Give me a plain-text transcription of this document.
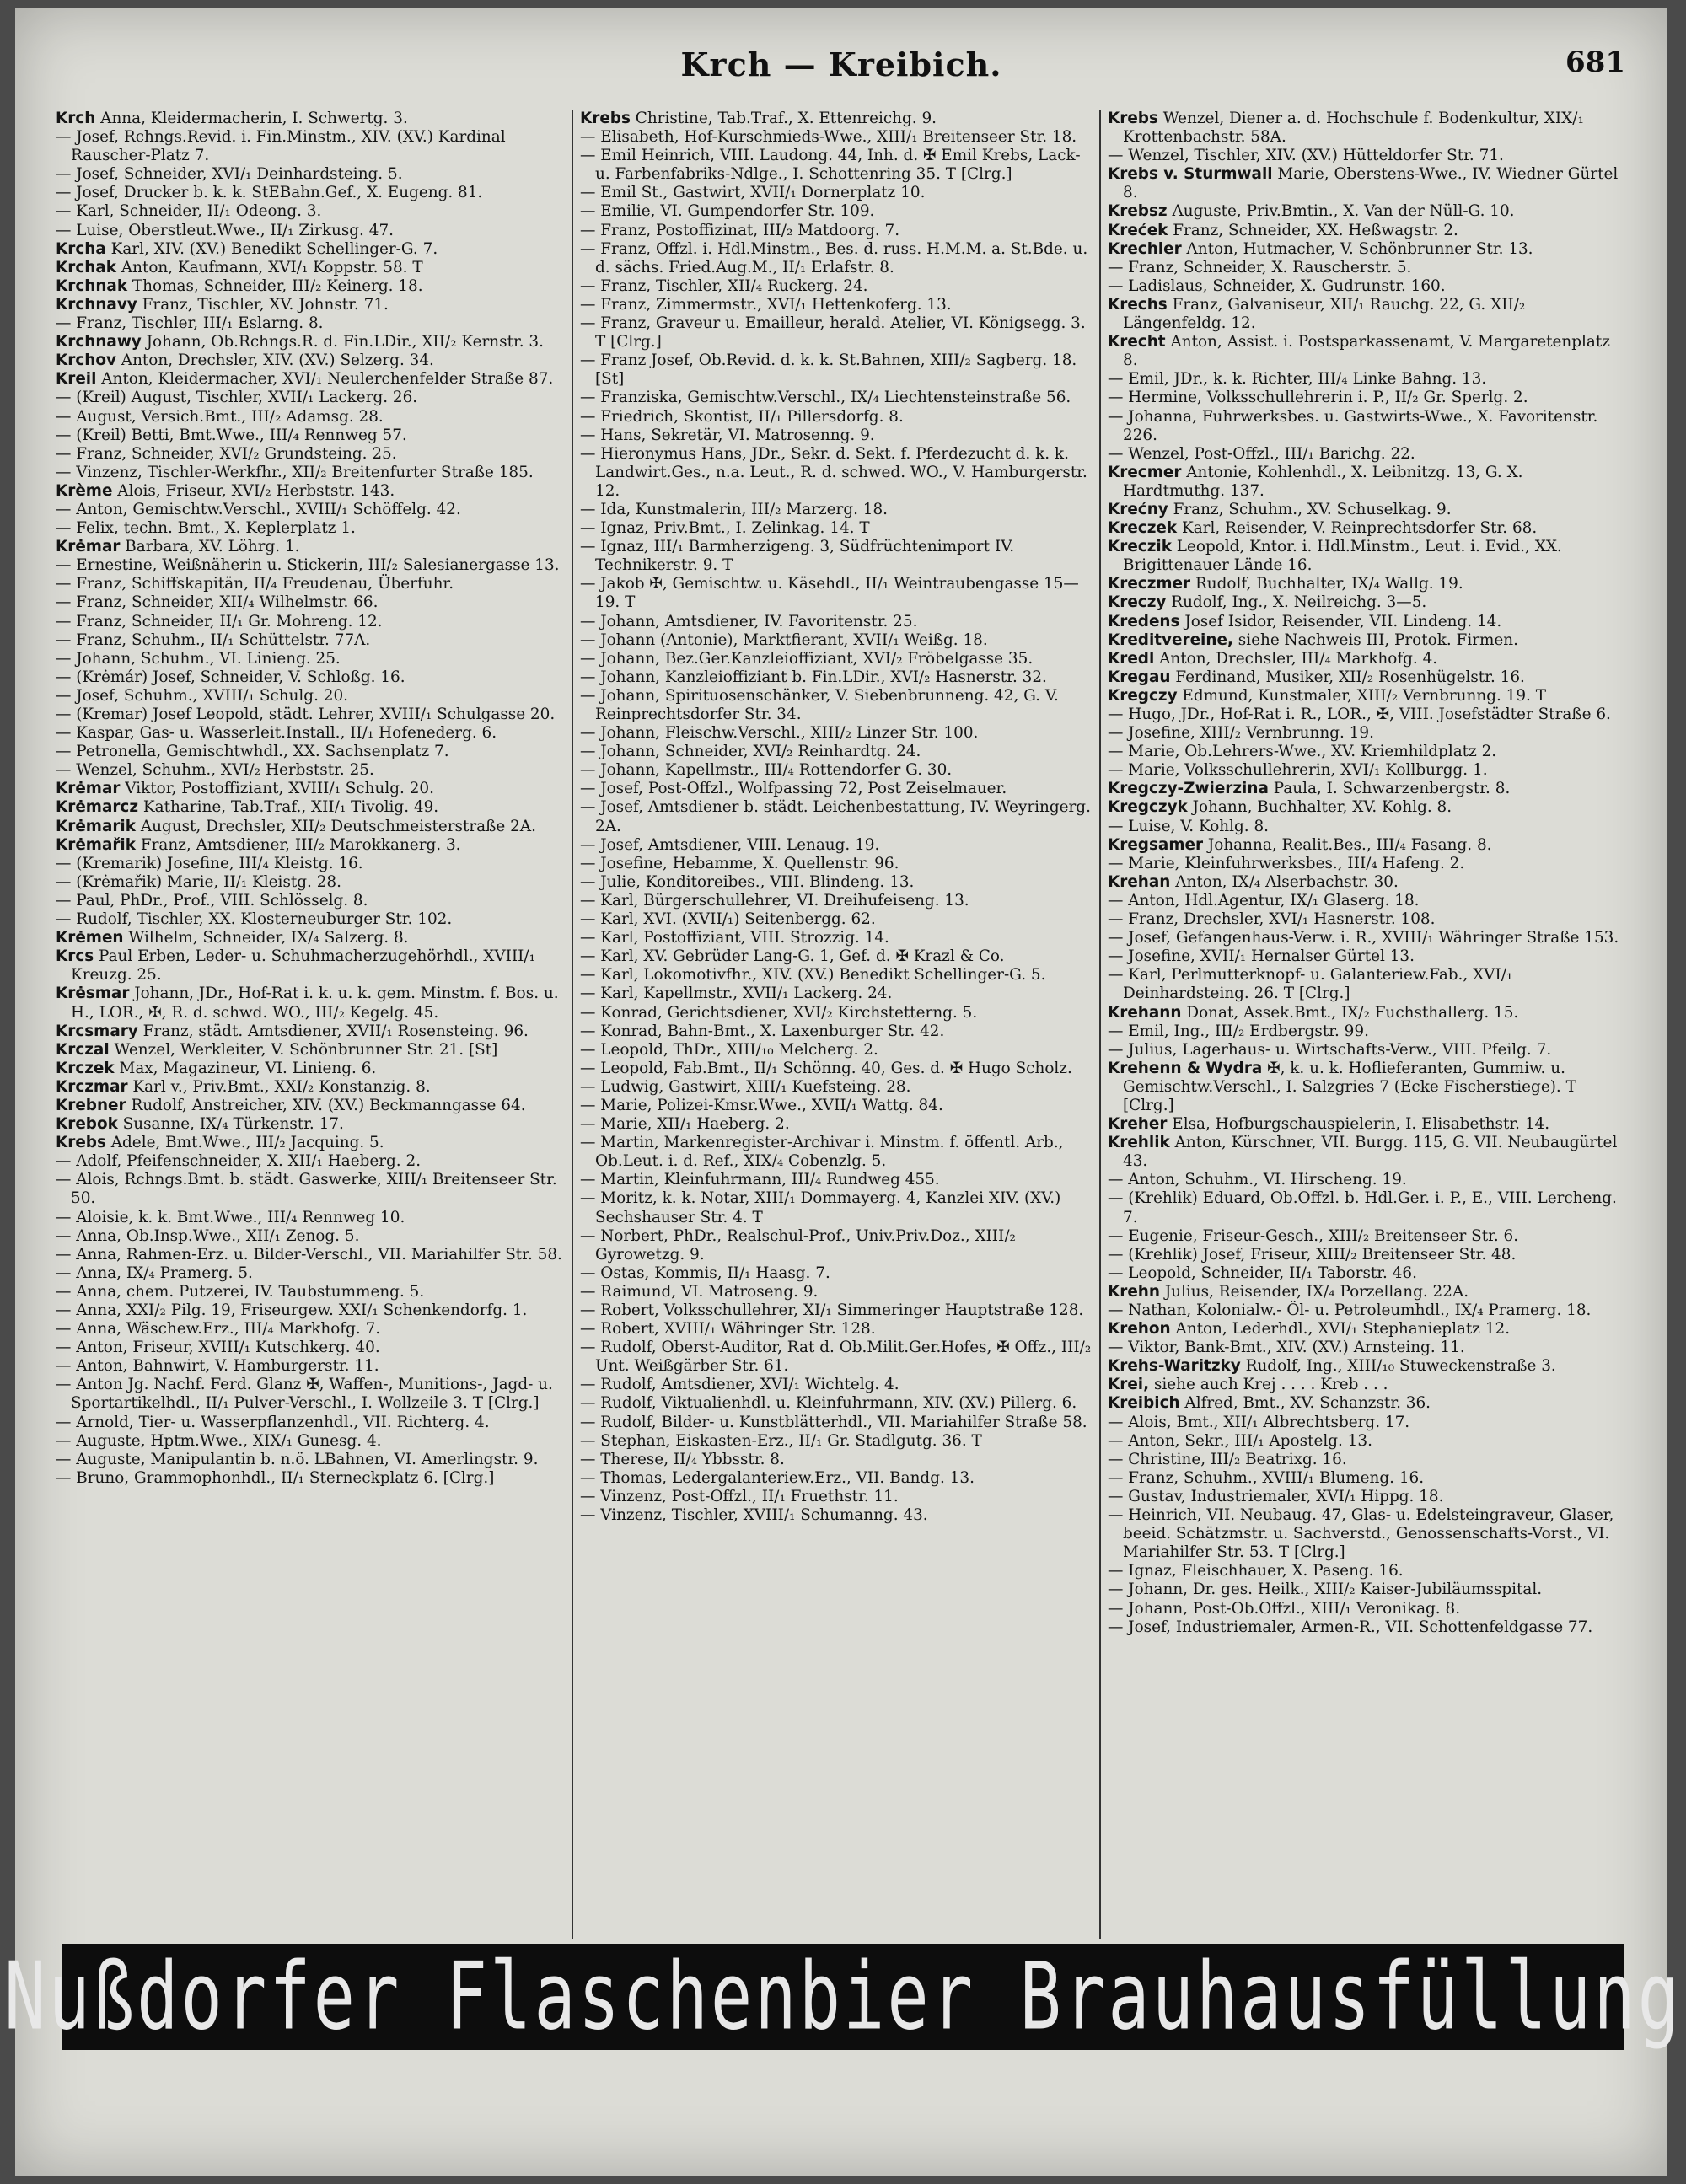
Krch — Kreibich.	681

Krch Anna, Kleidermacherin, I. Schwertg. 3.

— Josef, Rchngs.Revid. i. Fin.Minstm., XIV. (XV.) Kardinal Rauscher-Platz 7.

— Josef, Schneider, XVI/₁ Deinhardsteing. 5.

— Josef, Drucker b. k. k. StEBahn.Gef., X. Eugeng. 81.

— Karl, Schneider, II/₁ Odeong. 3.

— Luise, Oberstleut.Wwe., II/₁ Zirkusg. 47.

Krcha Karl, XIV. (XV.) Benedikt Schellinger-G. 7.

Krchak Anton, Kaufmann, XVI/₁ Koppstr. 58. T

Krchnak Thomas, Schneider, III/₂ Keinerg. 18.

Krchnavy Franz, Tischler, XV. Johnstr. 71.

— Franz, Tischler, III/₁ Eslarng. 8.

Krchnawy Johann, Ob.Rchngs.R. d. Fin.LDir., XII/₂ Kernstr. 3.

Krchov Anton, Drechsler, XIV. (XV.) Selzerg. 34.

Kreil Anton, Kleidermacher, XVI/₁ Neulerchenfelder Straße 87.

— (Kreil) August, Tischler, XVII/₁ Lackerg. 26.

— August, Versich.Bmt., III/₂ Adamsg. 28.

— (Kreil) Betti, Bmt.Wwe., III/₄ Rennweg 57.

— Franz, Schneider, XVI/₂ Grundsteing. 25.

— Vinzenz, Tischler-Werkfhr., XII/₂ Breitenfurter Straße 185.

Krème Alois, Friseur, XVI/₂ Herbststr. 143.

— Anton, Gemischtw.Verschl., XVIII/₁ Schöffelg. 42.

— Felix, techn. Bmt., X. Keplerplatz 1.

Krėmar Barbara, XV. Löhrg. 1.

— Ernestine, Weißnäherin u. Stickerin, III/₂ Salesianergasse 13.

— Franz, Schiffskapitän, II/₄ Freudenau, Überfuhr.

— Franz, Schneider, XII/₄ Wilhelmstr. 66.

— Franz, Schneider, II/₁ Gr. Mohreng. 12.

— Franz, Schuhm., II/₁ Schüttelstr. 77A.

— Johann, Schuhm., VI. Linieng. 25.

— (Krėmár) Josef, Schneider, V. Schloßg. 16.

— Josef, Schuhm., XVIII/₁ Schulg. 20.

— (Kremar) Josef Leopold, städt. Lehrer, XVIII/₁ Schulgasse 20.

— Kaspar, Gas- u. Wasserleit.Install., II/₁ Hofenederg. 6.

— Petronella, Gemischtwhdl., XX. Sachsenplatz 7.

— Wenzel, Schuhm., XVI/₂ Herbststr. 25.

Krėmar Viktor, Postoffiziant, XVIII/₁ Schulg. 20.

Krėmarcz Katharine, Tab.Traf., XII/₁ Tivolig. 49.

Krėmarik August, Drechsler, XII/₂ Deutschmeisterstraße 2A.

Krėmařik Franz, Amtsdiener, III/₂ Marokkanerg. 3.

— (Kremarik) Josefine, III/₄ Kleistg. 16.

— (Krėmařik) Marie, II/₁ Kleistg. 28.

— Paul, PhDr., Prof., VIII. Schlösselg. 8.

— Rudolf, Tischler, XX. Klosterneuburger Str. 102.

Krėmen Wilhelm, Schneider, IX/₄ Salzerg. 8.

Krcs Paul Erben, Leder- u. Schuhmacherzugehörhdl., XVIII/₁ Kreuzg. 25.

Krėsmar Johann, JDr., Hof-Rat i. k. u. k. gem. Minstm. f. Bos. u. H., LOR., ✠, R. d. schwd. WO., III/₂ Kegelg. 45.

Krcsmary Franz, städt. Amtsdiener, XVII/₁ Rosensteing. 96.

Krczal Wenzel, Werkleiter, V. Schönbrunner Str. 21. [St]

Krczek Max, Magazineur, VI. Linieng. 6.

Krczmar Karl v., Priv.Bmt., XXI/₂ Konstanzig. 8.

Krebner Rudolf, Anstreicher, XIV. (XV.) Beckmanngasse 64.

Krebok Susanne, IX/₄ Türkenstr. 17.

Krebs Adele, Bmt.Wwe., III/₂ Jacquing. 5.

— Adolf, Pfeifenschneider, X. XII/₁ Haeberg. 2.

— Alois, Rchngs.Bmt. b. städt. Gaswerke, XIII/₁ Breitenseer Str. 50.

— Aloisie, k. k. Bmt.Wwe., III/₄ Rennweg 10.

— Anna, Ob.Insp.Wwe., XII/₁ Zenog. 5.

— Anna, Rahmen-Erz. u. Bilder-Verschl., VII. Mariahilfer Str. 58.

— Anna, IX/₄ Pramerg. 5.

— Anna, chem. Putzerei, IV. Taubstummeng. 5.

— Anna, XXI/₂ Pilg. 19, Friseurgew. XXI/₁ Schenkendorfg. 1.

— Anna, Wäschew.Erz., III/₄ Markhofg. 7.

— Anton, Friseur, XVIII/₁ Kutschkerg. 40.

— Anton, Bahnwirt, V. Hamburgerstr. 11.

— Anton Jg. Nachf. Ferd. Glanz ✠, Waffen-, Munitions-, Jagd- u. Sportartikelhdl., II/₁ Pulver-Verschl., I. Wollzeile 3. T [Clrg.]

— Arnold, Tier- u. Wasserpflanzenhdl., VII. Richterg. 4.

— Auguste, Hptm.Wwe., XIX/₁ Gunesg. 4.

— Auguste, Manipulantin b. n.ö. LBahnen, VI. Amerlingstr. 9.

— Bruno, Grammophonhdl., II/₁ Sterneckplatz 6. [Clrg.]

Krebs Christine, Tab.Traf., X. Ettenreichg. 9.

— Elisabeth, Hof-Kurschmieds-Wwe., XIII/₁ Breitenseer Str. 18.

— Emil Heinrich, VIII. Laudong. 44, Inh. d. ✠ Emil Krebs, Lack- u. Farbenfabriks-Ndlge., I. Schottenring 35. T [Clrg.]

— Emil St., Gastwirt, XVII/₁ Dornerplatz 10.

— Emilie, VI. Gumpendorfer Str. 109.

— Franz, Postoffizinat, III/₂ Matdoorg. 7.

— Franz, Offzl. i. Hdl.Minstm., Bes. d. russ. H.M.M. a. St.Bde. u. d. sächs. Fried.Aug.M., II/₁ Erlafstr. 8.

— Franz, Tischler, XII/₄ Ruckerg. 24.

— Franz, Zimmermstr., XVI/₁ Hettenkoferg. 13.

— Franz, Graveur u. Emailleur, herald. Atelier, VI. Königsegg. 3. T [Clrg.]

— Franz Josef, Ob.Revid. d. k. k. St.Bahnen, XIII/₂ Sagberg. 18. [St]

— Franziska, Gemischtw.Verschl., IX/₄ Liechtensteinstraße 56.

— Friedrich, Skontist, II/₁ Pillersdorfg. 8.

— Hans, Sekretär, VI. Matrosenng. 9.

— Hieronymus Hans, JDr., Sekr. d. Sekt. f. Pferdezucht d. k. k. Landwirt.Ges., n.a. Leut., R. d. schwed. WO., V. Hamburgerstr. 12.

— Ida, Kunstmalerin, III/₂ Marzerg. 18.

— Ignaz, Priv.Bmt., I. Zelinkag. 14. T

— Ignaz, III/₁ Barmherzigeng. 3, Südfrüchtenimport IV. Technikerstr. 9. T

— Jakob ✠, Gemischtw. u. Käsehdl., II/₁ Weintraubengasse 15—19. T

— Johann, Amtsdiener, IV. Favoritenstr. 25.

— Johann (Antonie), Marktfierant, XVII/₁ Weißg. 18.

— Johann, Bez.Ger.Kanzleioffiziant, XVI/₂ Fröbelgasse 35.

— Johann, Kanzleioffiziant b. Fin.LDir., XVI/₂ Hasnerstr. 32.

— Johann, Spirituosenschänker, V. Siebenbrunneng. 42, G. V. Reinprechtsdorfer Str. 34.

— Johann, Fleischw.Verschl., XIII/₂ Linzer Str. 100.

— Johann, Schneider, XVI/₂ Reinhardtg. 24.

— Johann, Kapellmstr., III/₄ Rottendorfer G. 30.

— Josef, Post-Offzl., Wolfpassing 72, Post Zeiselmauer.

— Josef, Amtsdiener b. städt. Leichenbestattung, IV. Weyringerg. 2A.

— Josef, Amtsdiener, VIII. Lenaug. 19.

— Josefine, Hebamme, X. Quellenstr. 96.

— Julie, Konditoreibes., VIII. Blindeng. 13.

— Karl, Bürgerschullehrer, VI. Dreihufeiseng. 13.

— Karl, XVI. (XVII/₁) Seitenbergg. 62.

— Karl, Postoffiziant, VIII. Strozzig. 14.

— Karl, XV. Gebrüder Lang-G. 1, Gef. d. ✠ Krazl & Co.

— Karl, Lokomotivfhr., XIV. (XV.) Benedikt Schellinger-G. 5.

— Karl, Kapellmstr., XVII/₁ Lackerg. 24.

— Konrad, Gerichtsdiener, XVI/₂ Kirchstetterng. 5.

— Konrad, Bahn-Bmt., X. Laxenburger Str. 42.

— Leopold, ThDr., XIII/₁₀ Melcherg. 2.

— Leopold, Fab.Bmt., II/₁ Schönng. 40, Ges. d. ✠ Hugo Scholz.

— Ludwig, Gastwirt, XIII/₁ Kuefsteing. 28.

— Marie, Polizei-Kmsr.Wwe., XVII/₁ Wattg. 84.

— Marie, XII/₁ Haeberg. 2.

— Martin, Markenregister-Archivar i. Minstm. f. öffentl. Arb., Ob.Leut. i. d. Ref., XIX/₄ Cobenzlg. 5.

— Martin, Kleinfuhrmann, III/₄ Rundweg 455.

— Moritz, k. k. Notar, XIII/₁ Dommayerg. 4, Kanzlei XIV. (XV.) Sechshauser Str. 4. T

— Norbert, PhDr., Realschul-Prof., Univ.Priv.Doz., XIII/₂ Gyrowetzg. 9.

— Ostas, Kommis, II/₁ Haasg. 7.

— Raimund, VI. Matroseng. 9.

— Robert, Volksschullehrer, XI/₁ Simmeringer Hauptstraße 128.

— Robert, XVIII/₁ Währinger Str. 128.

— Rudolf, Oberst-Auditor, Rat d. Ob.Milit.Ger.Hofes, ✠ Offz., III/₂ Unt. Weißgärber Str. 61.

— Rudolf, Amtsdiener, XVI/₁ Wichtelg. 4.

— Rudolf, Viktualienhdl. u. Kleinfuhrmann, XIV. (XV.) Pillerg. 6.

— Rudolf, Bilder- u. Kunstblätterhdl., VII. Mariahilfer Straße 58.

— Stephan, Eiskasten-Erz., II/₁ Gr. Stadlgutg. 36. T

— Therese, II/₄ Ybbsstr. 8.

— Thomas, Ledergalanteriew.Erz., VII. Bandg. 13.

— Vinzenz, Post-Offzl., II/₁ Fruethstr. 11.

— Vinzenz, Tischler, XVIII/₁ Schumanng. 43.

Krebs Wenzel, Diener a. d. Hochschule f. Bodenkultur, XIX/₁ Krottenbachstr. 58A.

— Wenzel, Tischler, XIV. (XV.) Hütteldorfer Str. 71.

Krebs v. Sturmwall Marie, Oberstens-Wwe., IV. Wiedner Gürtel 8.

Krebsz Auguste, Priv.Bmtin., X. Van der Nüll-G. 10.

Krećek Franz, Schneider, XX. Heßwagstr. 2.

Krechler Anton, Hutmacher, V. Schönbrunner Str. 13.

— Franz, Schneider, X. Rauscherstr. 5.

— Ladislaus, Schneider, X. Gudrunstr. 160.

Krechs Franz, Galvaniseur, XII/₁ Rauchg. 22, G. XII/₂ Längenfeldg. 12.

Krecht Anton, Assist. i. Postsparkassenamt, V. Margaretenplatz 8.

— Emil, JDr., k. k. Richter, III/₄ Linke Bahng. 13.

— Hermine, Volksschullehrerin i. P., II/₂ Gr. Sperlg. 2.

— Johanna, Fuhrwerksbes. u. Gastwirts-Wwe., X. Favoritenstr. 226.

— Wenzel, Post-Offzl., III/₁ Barichg. 22.

Krecmer Antonie, Kohlenhdl., X. Leibnitzg. 13, G. X. Hardtmuthg. 137.

Krećny Franz, Schuhm., XV. Schuselkag. 9.

Kreczek Karl, Reisender, V. Reinprechtsdorfer Str. 68.

Kreczik Leopold, Kntor. i. Hdl.Minstm., Leut. i. Evid., XX. Brigittenauer Lände 16.

Kreczmer Rudolf, Buchhalter, IX/₄ Wallg. 19.

Kreczy Rudolf, Ing., X. Neilreichg. 3—5.

Kredens Josef Isidor, Reisender, VII. Lindeng. 14.

Kreditvereine, siehe Nachweis III, Protok. Firmen.

Kredl Anton, Drechsler, III/₄ Markhofg. 4.

Kregau Ferdinand, Musiker, XII/₂ Rosenhügelstr. 16.

Kregczy Edmund, Kunstmaler, XIII/₂ Vernbrunng. 19. T

— Hugo, JDr., Hof-Rat i. R., LOR., ✠, VIII. Josefstädter Straße 6.

— Josefine, XIII/₂ Vernbrunng. 19.

— Marie, Ob.Lehrers-Wwe., XV. Kriemhildplatz 2.

— Marie, Volksschullehrerin, XVI/₁ Kollburgg. 1.

Kregczy-Zwierzina Paula, I. Schwarzenbergstr. 8.

Kregczyk Johann, Buchhalter, XV. Kohlg. 8.

— Luise, V. Kohlg. 8.

Kregsamer Johanna, Realit.Bes., III/₄ Fasang. 8.

— Marie, Kleinfuhrwerksbes., III/₄ Hafeng. 2.

Krehan Anton, IX/₄ Alserbachstr. 30.

— Anton, Hdl.Agentur, IX/₁ Glaserg. 18.

— Franz, Drechsler, XVI/₁ Hasnerstr. 108.

— Josef, Gefangenhaus-Verw. i. R., XVIII/₁ Währinger Straße 153.

— Josefine, XVII/₁ Hernalser Gürtel 13.

— Karl, Perlmutterknopf- u. Galanteriew.Fab., XVI/₁ Deinhardsteing. 26. T [Clrg.]

Krehann Donat, Assek.Bmt., IX/₂ Fuchsthallerg. 15.

— Emil, Ing., III/₂ Erdbergstr. 99.

— Julius, Lagerhaus- u. Wirtschafts-Verw., VIII. Pfeilg. 7.

Krehenn & Wydra ✠, k. u. k. Hoflieferanten, Gummiw. u. Gemischtw.Verschl., I. Salzgries 7 (Ecke Fischerstiege). T [Clrg.]

Kreher Elsa, Hofburgschauspielerin, I. Elisabethstr. 14.

Krehlik Anton, Kürschner, VII. Burgg. 115, G. VII. Neubaugürtel 43.

— Anton, Schuhm., VI. Hirscheng. 19.

— (Krehlik) Eduard, Ob.Offzl. b. Hdl.Ger. i. P., E., VIII. Lercheng. 7.

— Eugenie, Friseur-Gesch., XIII/₂ Breitenseer Str. 6.

— (Krehlik) Josef, Friseur, XIII/₂ Breitenseer Str. 48.

— Leopold, Schneider, II/₁ Taborstr. 46.

Krehn Julius, Reisender, IX/₄ Porzellang. 22A.

— Nathan, Kolonialw.- Öl- u. Petroleumhdl., IX/₄ Pramerg. 18.

Krehon Anton, Lederhdl., XVI/₁ Stephanieplatz 12.

— Viktor, Bank-Bmt., XIV. (XV.) Arnsteing. 11.

Krehs-Waritzky Rudolf, Ing., XIII/₁₀ Stuweckenstraße 3.

Krei, siehe auch Krej . . . . Kreb . . .

Kreibich Alfred, Bmt., XV. Schanzstr. 36.

— Alois, Bmt., XII/₁ Albrechtsberg. 17.

— Anton, Sekr., III/₁ Apostelg. 13.

— Christine, III/₂ Beatrixg. 16.

— Franz, Schuhm., XVIII/₁ Blumeng. 16.

— Gustav, Industriemaler, XVI/₁ Hippg. 18.

— Heinrich, VII. Neubaug. 47, Glas- u. Edelsteingraveur, Glaser, beeid. Schätzmstr. u. Sachverstd., Genossenschafts-Vorst., VI. Mariahilfer Str. 53. T [Clrg.]

— Ignaz, Fleischhauer, X. Paseng. 16.

— Johann, Dr. ges. Heilk., XIII/₂ Kaiser-Jubiläumsspital.

— Johann, Post-Ob.Offzl., XIII/₁ Veronikag. 8.

— Josef, Industriemaler, Armen-R., VII. Schottenfeldgasse 77.

Nußdorfer Flaschenbier Brauhausfüllung
